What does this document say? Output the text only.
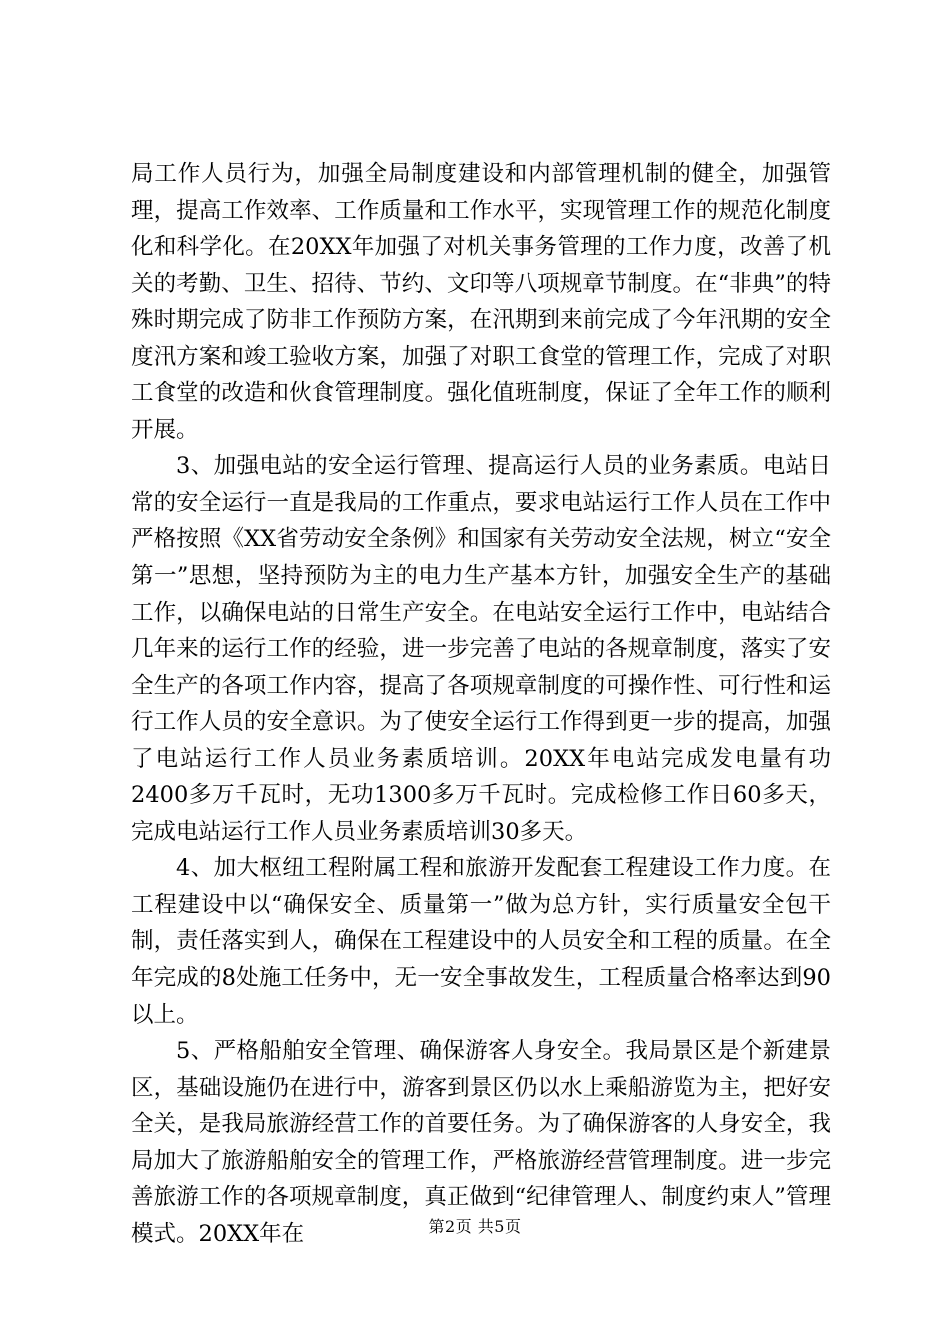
局工作人员行为，加强全局制度建设和内部管理机制的健全，加强管理，提高工作效率、工作质量和工作水平，实现管理工作的规范化制度化和科学化。在20XX年加强了对机关事务管理的工作力度，改善了机关的考勤、卫生、招待、节约、文印等八项规章节制度。在“非典”的特殊时期完成了防非工作预防方案，在汛期到来前完成了今年汛期的安全度汛方案和竣工验收方案，加强了对职工食堂的管理工作，完成了对职工食堂的改造和伙食管理制度。强化值班制度，保证了全年工作的顺利开展。

3、加强电站的安全运行管理、提高运行人员的业务素质。电站日常的安全运行一直是我局的工作重点，要求电站运行工作人员在工作中严格按照《XX省劳动安全条例》和国家有关劳动安全法规，树立“安全第一”思想，坚持预防为主的电力生产基本方针，加强安全生产的基础工作，以确保电站的日常生产安全。在电站安全运行工作中，电站结合几年来的运行工作的经验，进一步完善了电站的各规章制度，落实了安全生产的各项工作内容，提高了各项规章制度的可操作性、可行性和运行工作人员的安全意识。为了使安全运行工作得到更一步的提高，加强了电站运行工作人员业务素质培训。20XX年电站完成发电量有功2400多万千瓦时，无功1300多万千瓦时。完成检修工作日60多天，完成电站运行工作人员业务素质培训30多天。

4、加大枢纽工程附属工程和旅游开发配套工程建设工作力度。在工程建设中以“确保安全、质量第一”做为总方针，实行质量安全包干制，责任落实到人，确保在工程建设中的人员安全和工程的质量。在全年完成的8处施工任务中，无一安全事故发生，工程质量合格率达到90以上。

5、严格船舶安全管理、确保游客人身安全。我局景区是个新建景区，基础设施仍在进行中，游客到景区仍以水上乘船游览为主，把好安全关，是我局旅游经营工作的首要任务。为了确保游客的人身安全，我局加大了旅游船舶安全的管理工作，严格旅游经营管理制度。进一步完善旅游工作的各项规章制度，真正做到“纪律管理人、制度约束人”管理模式。20XX年在	第2页 共5页
